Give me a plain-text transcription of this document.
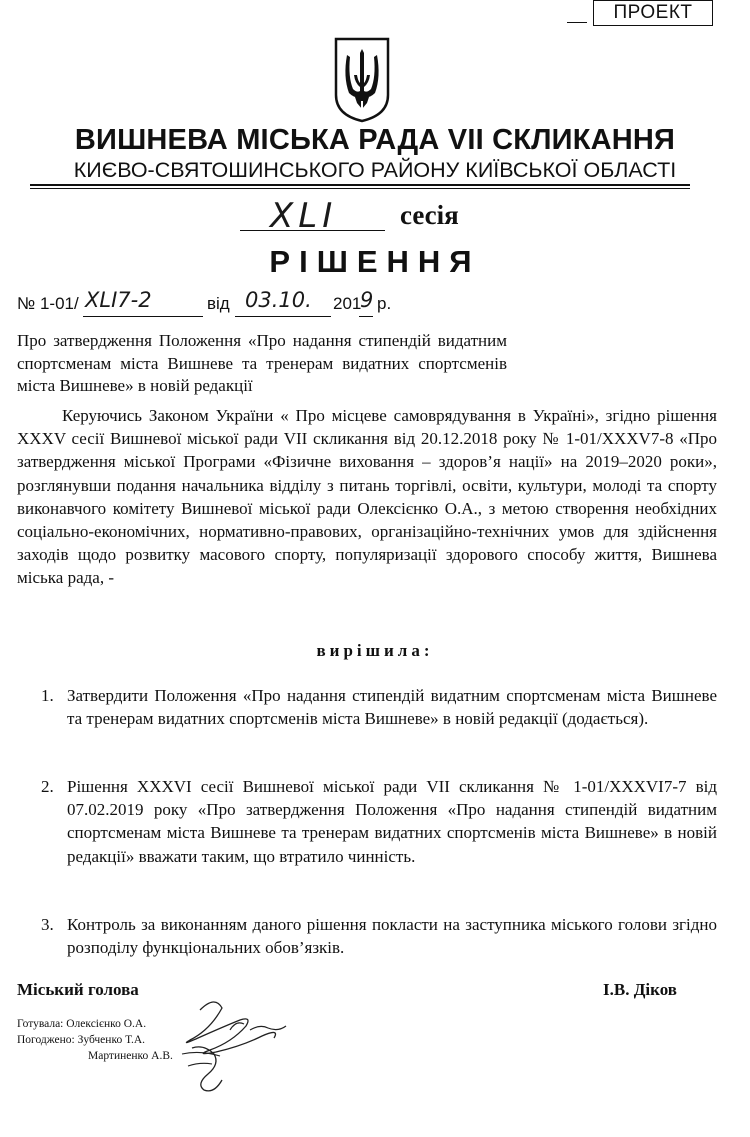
ПРОЕКТ
ВИШНЕВА МІСЬКА РАДА VII СКЛИКАННЯ
КИЄВО-СВЯТОШИНСЬКОГО РАЙОНУ КИЇВСЬКОЇ ОБЛАСТІ
XLI сесія
РІШЕННЯ
№ 1-01/ XLI7-2	від 03.10. 201
9 р.
Про затвердження Положення «Про надання стипендій видатним спортсменам міста Вишневе та тренерам видатних спортсменів міста Вишневе» в новій редакції
Керуючись Законом України « Про місцеве самоврядування в Україні», згідно рішення XXXV сесії Вишневої міської ради VII скликання від 20.12.2018 року № 1-01/XXXV7-8 «Про затвердження міської Програми «Фізичне виховання – здоров’я нації» на 2019–2020 роки», розглянувши подання начальника відділу з питань торгівлі, освіти, культури, молоді та спорту виконавчого комітету Вишневої міської ради Олексієнко О.А., з метою створення необхідних соціально-економічних, нормативно-правових, організаційно-технічних умов для здійснення заходів щодо розвитку масового спорту, популяризації здорового способу життя, Вишнева міська рада, -
вирішила:
1. Затвердити Положення «Про надання стипендій видатним спортсменам міста Вишневе та тренерам видатних спортсменів міста Вишневе» в новій редакції (додається).
2. Рішення XXXVI сесії Вишневої міської ради VII скликання № 1-01/XXXVI7-7 від 07.02.2019 року «Про затвердження Положення «Про надання стипендій видатним спортсменам міста Вишневе та тренерам видатних спортсменів міста Вишневе» в новій редакції» вважати таким, що втратило чинність.
3. Контроль за виконанням даного рішення покласти на заступника міського голови згідно розподілу функціональних обов’язків.
Міський голова	І.В. Діков
Готувала: Олексієнко О.А.
Погоджено: Зубченко Т.А.
Мартиненко А.В.
